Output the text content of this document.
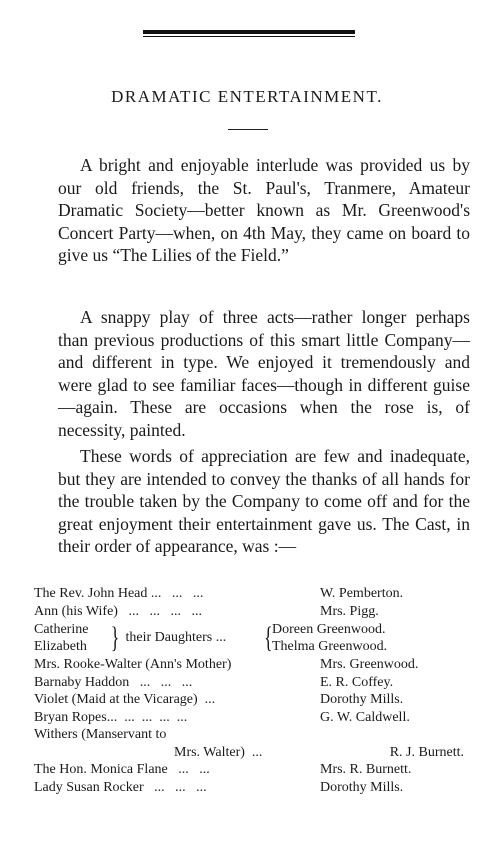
DRAMATIC ENTERTAINMENT.

A bright and enjoyable interlude was provided us by our old friends, the St. Paul's, Tranmere, Amateur Dramatic Society—better known as Mr. Greenwood's Concert Party—when, on 4th May, they came on board to give us “The Lilies of the Field.”

A snappy play of three acts—rather longer perhaps than previous productions of this smart little Company—and different in type. We enjoyed it tremendously and were glad to see familiar faces—though in different guise—again. These are occasions when the rose is, of necessity, painted.

These words of appreciation are few and inadequate, but they are intended to convey the thanks of all hands for the trouble taken by the Company to come off and for the great enjoyment their entertainment gave us. The Cast, in their order of appearance, was :—

The Rev. John Head ...   ...   ...	W. Pemberton.
Ann (his Wife)   ...   ...   ...   ...	Mrs. Pigg.
Catherine
Elizabeth } their Daughters ...	{ Doreen Greenwood.
Thelma Greenwood.
Mrs. Rooke-Walter (Ann's Mother)	Mrs. Greenwood.
Barnaby Haddon   ...   ...   ...	E. R. Coffey.
Violet (Maid at the Vicarage)  ...	Dorothy Mills.
Bryan Ropes...  ...  ...  ...  ...	G. W. Caldwell.
Withers (Manservant to
Mrs. Walter)  ...	R. J. Burnett.
The Hon. Monica Flane   ...   ...	Mrs. R. Burnett.
Lady Susan Rocker   ...   ...   ...	Dorothy Mills.
